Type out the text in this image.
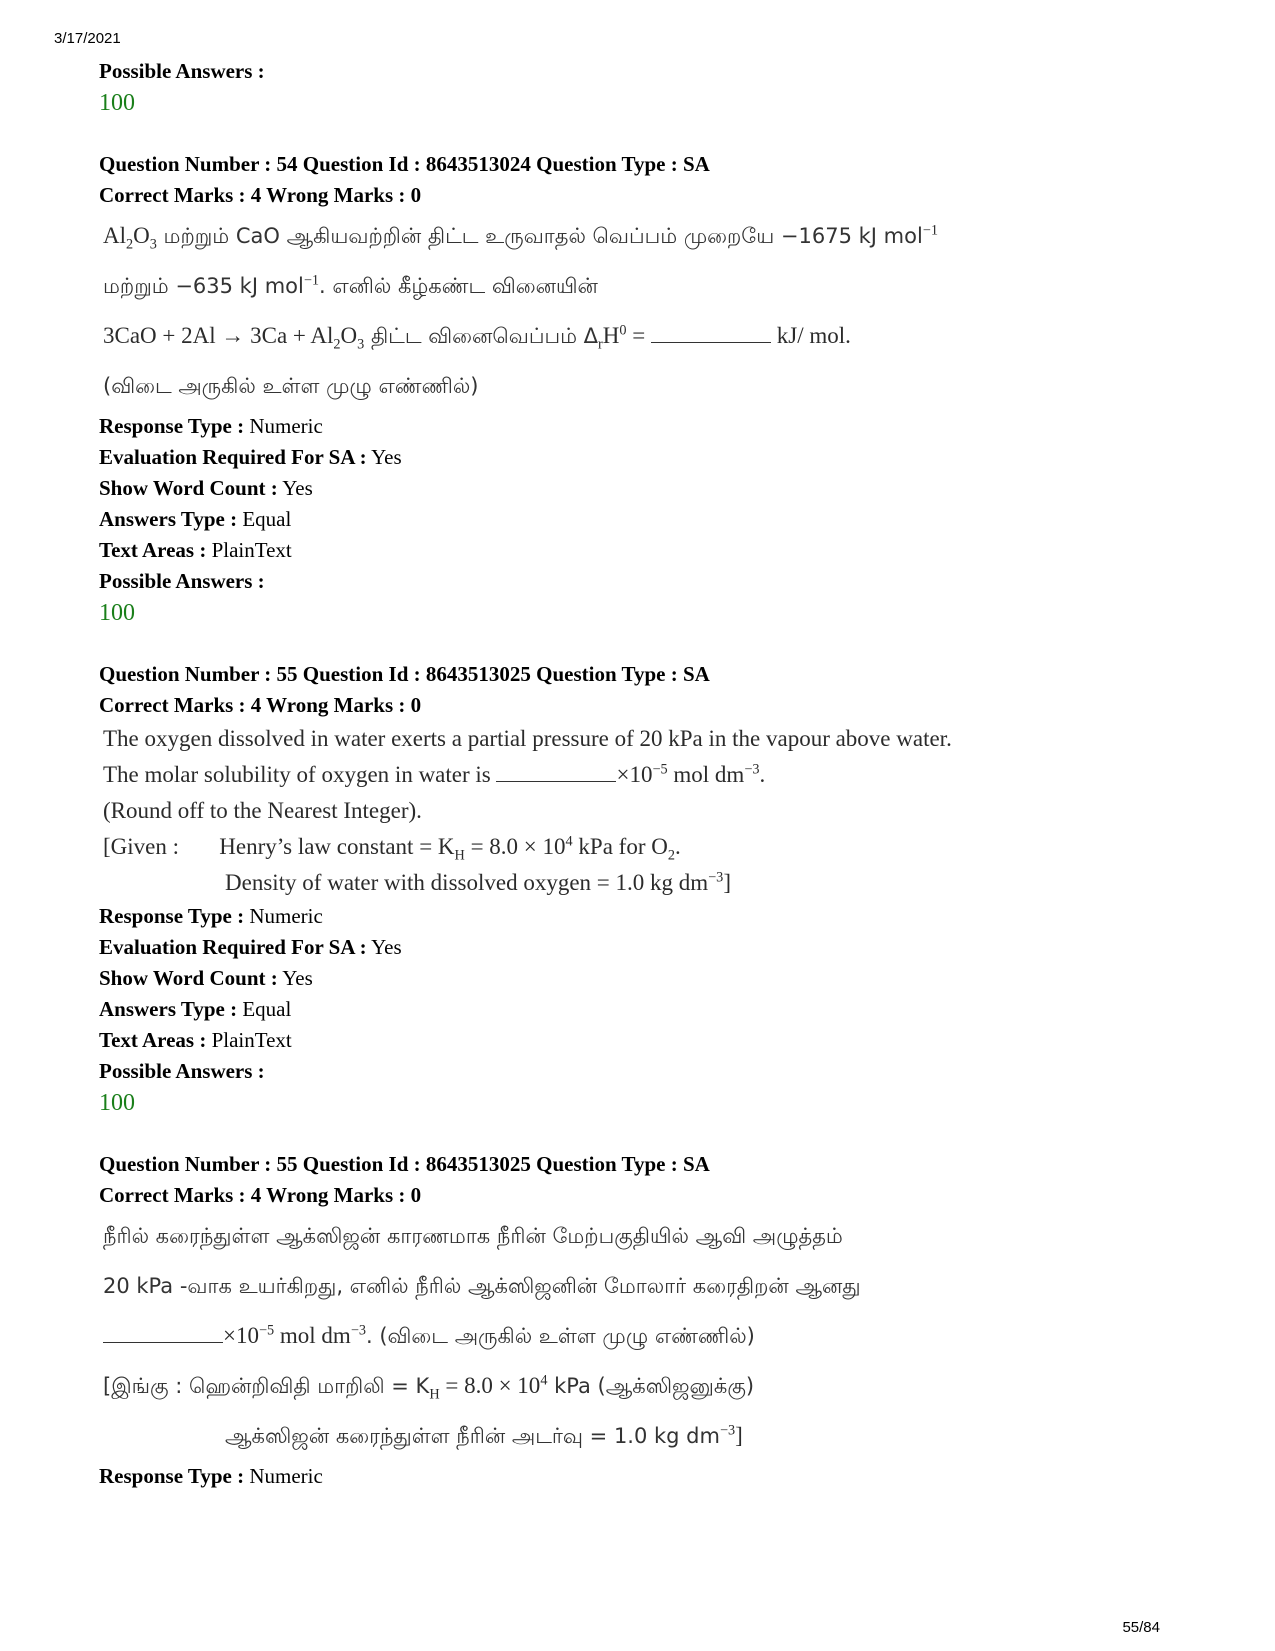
3/17/2021
Possible Answers :
100
Question Number : 54 Question Id : 8643513024 Question Type : SA
Correct Marks : 4 Wrong Marks : 0

$Al_2O_3$ மற்றும் CaO ஆகியவற்றின் திட்ட உருவாதல் வெப்பம் முறையே −1675 kJ mol$^{-1}$

மற்றும் −635 kJ mol$^{-1}$. எனில் கீழ்கண்ட வினையின்

$3CaO + 2Al \to 3Ca + Al_2O_3$ திட்ட வினைவெப்பம் $\Delta_rH^0$ =	kJ/ mol.

(விடை அருகில் உள்ள முழு எண்ணில்)

Response Type : Numeric
Evaluation Required For SA : Yes
Show Word Count : Yes
Answers Type : Equal
Text Areas : PlainText
Possible Answers :
100
Question Number : 55 Question Id : 8643513025 Question Type : SA
Correct Marks : 4 Wrong Marks : 0

The oxygen dissolved in water exerts a partial pressure of 20 kPa in the vapour above water.

The molar solubility of oxygen in water is	$\times 10^{-5}$ mol $dm^{-3}$.

(Round off to the Nearest Integer).

[Given : Henry’s law constant = $K_H = 8.0 \times 10^4$ kPa for $O_2$.

Density of water with dissolved oxygen = 1.0 kg $dm^{-3}$]

Response Type : Numeric
Evaluation Required For SA : Yes
Show Word Count : Yes
Answers Type : Equal
Text Areas : PlainText
Possible Answers :
100
Question Number : 55 Question Id : 8643513025 Question Type : SA
Correct Marks : 4 Wrong Marks : 0

நீரில் கரைந்துள்ள ஆக்ஸிஜன் காரணமாக நீரின் மேற்பகுதியில் ஆவி அழுத்தம்

20 kPa -வாக உயர்கிறது, எனில் நீரில் ஆக்ஸிஜனின் மோலார் கரைதிறன் ஆனது

$\times 10^{-5}$ mol $dm^{-3}$. (விடை அருகில் உள்ள முழு எண்ணில்)

[இங்கு : ஹென்றிவிதி மாறிலி = $K_H = 8.0 \times 10^4$ kPa (ஆக்ஸிஜனுக்கு)

ஆக்ஸிஜன் கரைந்துள்ள நீரின் அடர்வு = 1.0 kg $dm^{-3}$]

Response Type : Numeric
55/84
